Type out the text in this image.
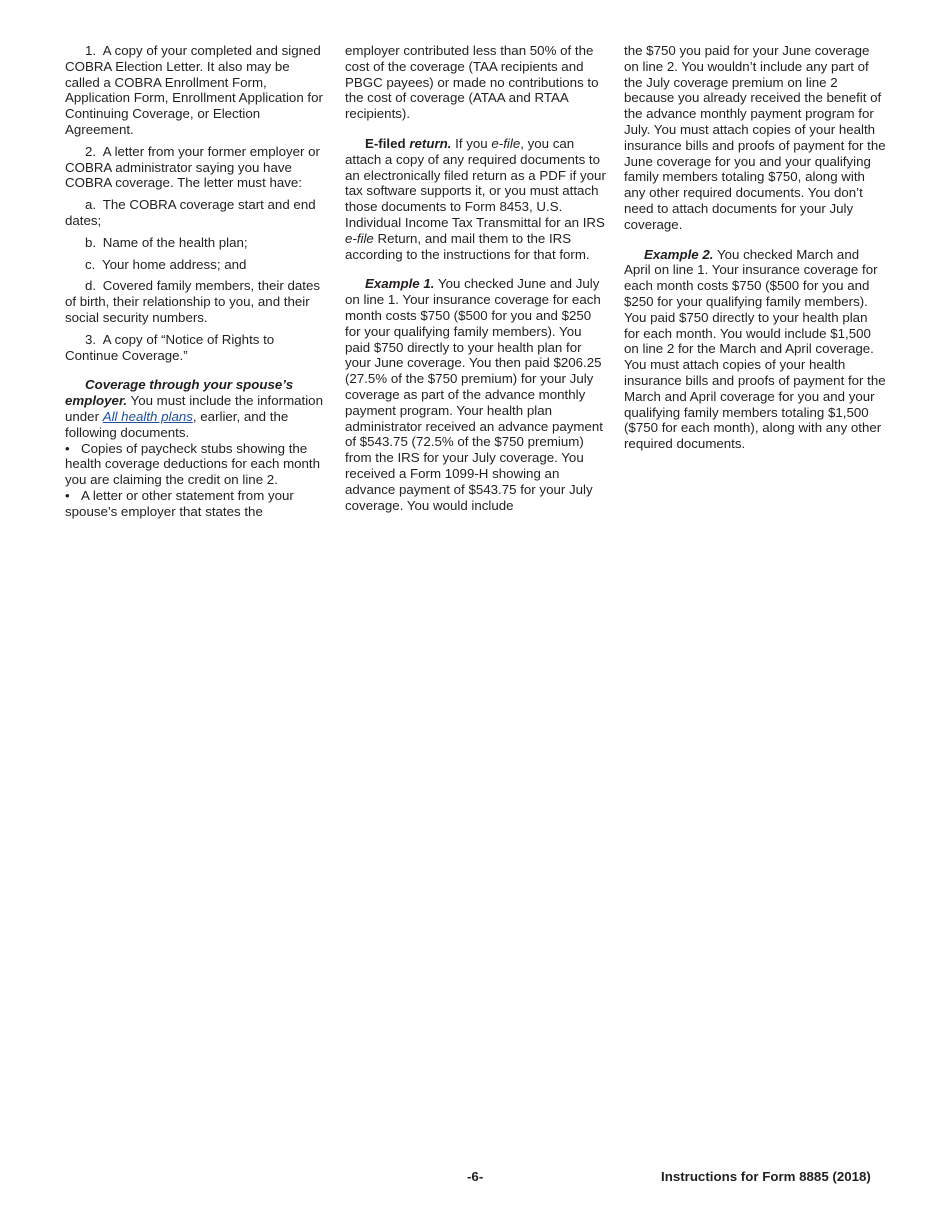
1. A copy of your completed and signed COBRA Election Letter. It also may be called a COBRA Enrollment Form, Application Form, Enrollment Application for Continuing Coverage, or Election Agreement.

2. A letter from your former employer or COBRA administrator saying you have COBRA coverage. The letter must have:

a. The COBRA coverage start and end dates;

b. Name of the health plan;

c. Your home address; and

d. Covered family members, their dates of birth, their relationship to you, and their social security numbers.

3. A copy of “Notice of Rights to Continue Coverage.”

Coverage through your spouse’s employer. You must include the information under All health plans, earlier, and the following documents.

• Copies of paycheck stubs showing the health coverage deductions for each month you are claiming the credit on line 2.

• A letter or other statement from your spouse’s employer that states the

employer contributed less than 50% of the cost of the coverage (TAA recipients and PBGC payees) or made no contributions to the cost of coverage (ATAA and RTAA recipients).

E-filed return. If you e-file, you can attach a copy of any required documents to an electronically filed return as a PDF if your tax software supports it, or you must attach those documents to Form 8453, U.S. Individual Income Tax Transmittal for an IRS e-file Return, and mail them to the IRS according to the instructions for that form.

Example 1. You checked June and July on line 1. Your insurance coverage for each month costs $750 ($500 for you and $250 for your qualifying family members). You paid $750 directly to your health plan for your June coverage. You then paid $206.25 (27.5% of the $750 premium) for your July coverage as part of the advance monthly payment program. Your health plan administrator received an advance payment of $543.75 (72.5% of the $750 premium) from the IRS for your July coverage. You received a Form 1099-H showing an advance payment of $543.75 for your July coverage. You would include

the $750 you paid for your June coverage on line 2. You wouldn’t include any part of the July coverage premium on line 2 because you already received the benefit of the advance monthly payment program for July. You must attach copies of your health insurance bills and proofs of payment for the June coverage for you and your qualifying family members totaling $750, along with any other required documents. You don’t need to attach documents for your July coverage.

Example 2. You checked March and April on line 1. Your insurance coverage for each month costs $750 ($500 for you and $250 for your qualifying family members). You paid $750 directly to your health plan for each month. You would include $1,500 on line 2 for the March and April coverage. You must attach copies of your health insurance bills and proofs of payment for the March and April coverage for you and your qualifying family members totaling $1,500 ($750 for each month), along with any other required documents.

-6-	Instructions for Form 8885 (2018)
